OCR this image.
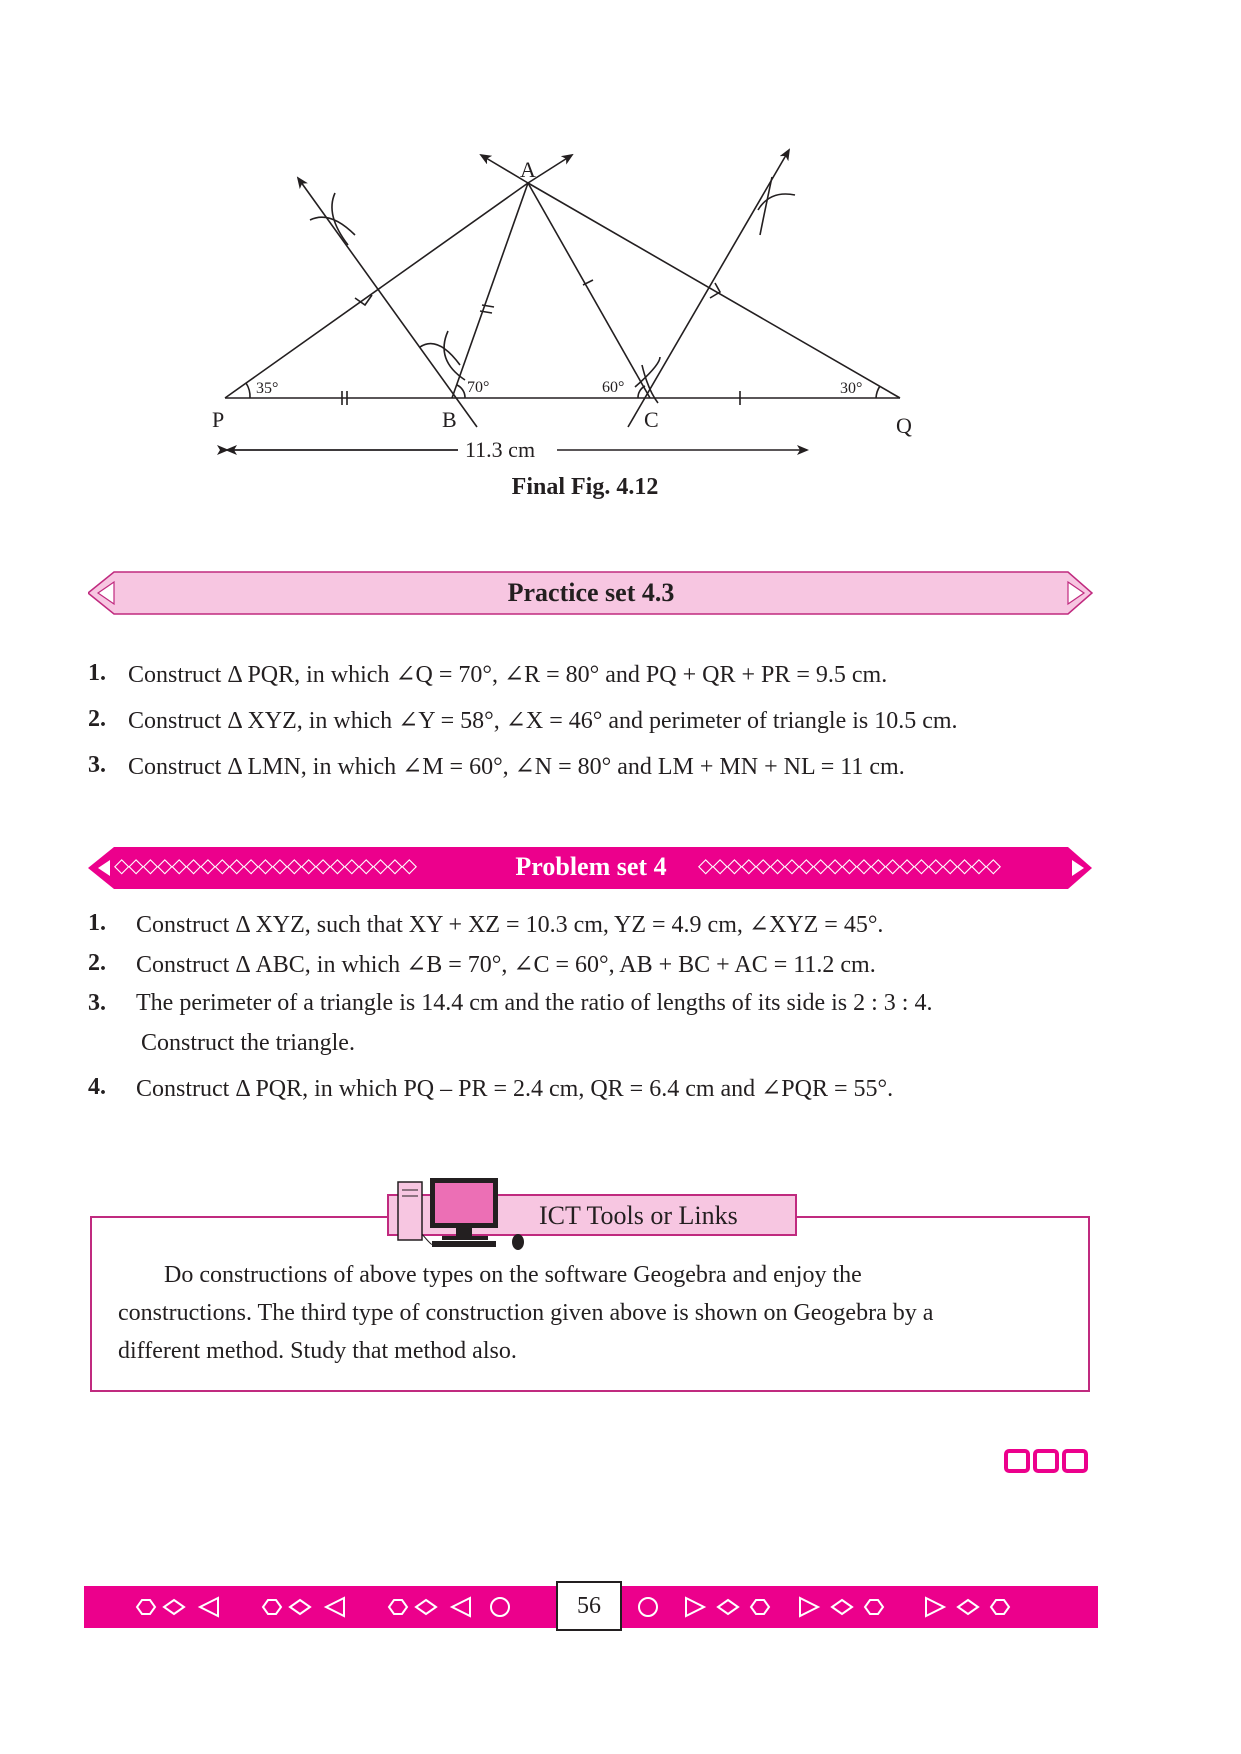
A
P	B	C	Q
35°	70°	60°	30°
11.3 cm
Final Fig. 4.12
Practice set 4.3
1. Construct Δ PQR, in which ∠Q = 70°, ∠R = 80° and PQ + QR + PR = 9.5 cm.
2. Construct Δ XYZ, in which ∠Y = 58°, ∠X = 46° and perimeter of triangle is 10.5 cm.
3. Construct Δ LMN, in which ∠M = 60°, ∠N = 80° and LM + MN + NL = 11 cm.
◇◇◇◇◇◇◇◇◇◇◇◇◇◇◇◇◇◇◇◇◇	◇◇◇◇◇◇◇◇◇◇◇◇◇◇◇◇◇◇◇◇◇
Problem set 4
1. Construct Δ XYZ, such that XY + XZ = 10.3 cm, YZ = 4.9 cm, ∠XYZ = 45°.
2. Construct Δ ABC, in which ∠B = 70°, ∠C = 60°, AB + BC + AC = 11.2 cm.
3. The perimeter of a triangle is 14.4 cm and the ratio of lengths of its side is 2 : 3 : 4.
Construct the triangle.
4. Construct Δ PQR, in which PQ – PR = 2.4 cm, QR = 6.4 cm and ∠PQR = 55°.
ICT Tools or Links

Do constructions of above types on the software Geogebra and enjoy the

constructions. The third type of construction given above is shown on Geogebra by a

different method. Study that method also.

56
